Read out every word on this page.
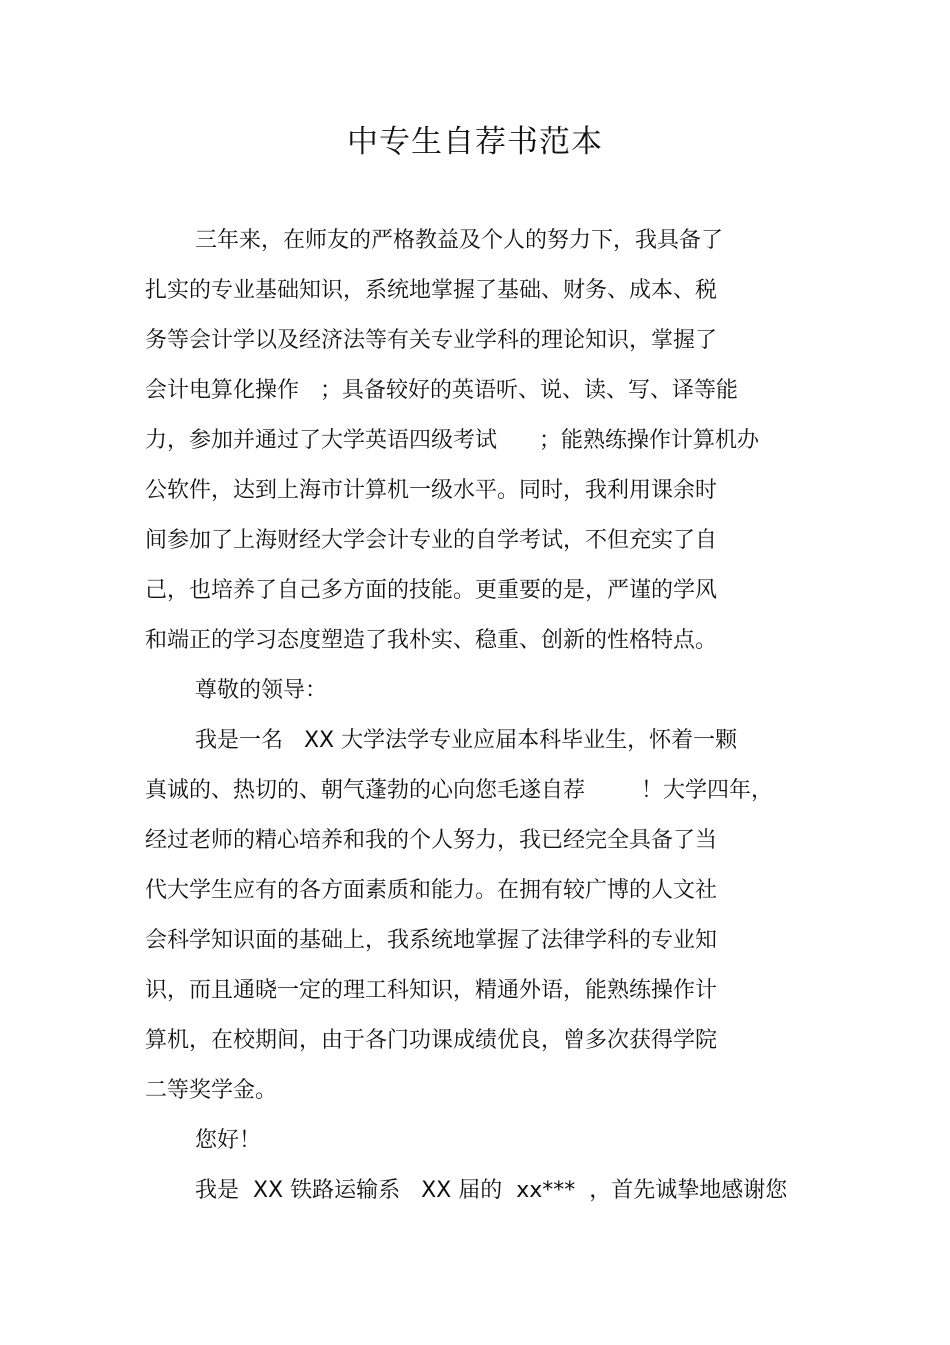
中专生自荐书范本
三年来，在师友的严格教益及个人的努力下，我具备了
扎实的专业基础知识，系统地掌握了基础、财务、成本、税
务等会计学以及经济法等有关专业学科的理论知识，掌握了
会计电算化操作   ；具备较好的英语听、说、读、写、译等能
力，参加并通过了大学英语四级考试      ；能熟练操作计算机办
公软件，达到上海市计算机一级水平。同时，我利用课余时
间参加了上海财经大学会计专业的自学考试，不但充实了自
己，也培养了自己多方面的技能。更重要的是，严谨的学风
和端正的学习态度塑造了我朴实、稳重、创新的性格特点。
尊敬的领导：
我是一名   XX 大学法学专业应届本科毕业生，怀着一颗
真诚的、热切的、朝气蓬勃的心向您毛遂自荐        ！大学四年，
经过老师的精心培养和我的个人努力，我已经完全具备了当
代大学生应有的各方面素质和能力。在拥有较广博的人文社
会科学知识面的基础上，我系统地掌握了法律学科的专业知
识，而且通晓一定的理工科知识，精通外语，能熟练操作计
算机，在校期间，由于各门功课成绩优良，曾多次获得学院
二等奖学金。
您好！
我是  XX 铁路运输系   XX 届的  xx***  ，首先诚挚地感谢您
